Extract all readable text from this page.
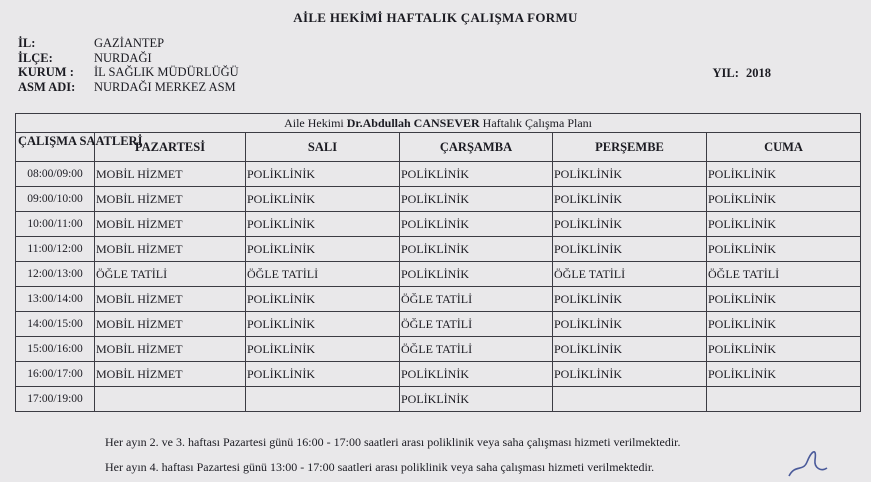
AİLE HEKİMİ HAFTALIK ÇALIŞMA FORMU
İL:	GAZİANTEP
İLÇE:	NURDAĞI
KURUM :	İL SAĞLIK MÜDÜRLÜĞÜ
ASM ADI:	NURDAĞI MERKEZ ASM
YIL: 2018
Aile Hekimi Dr.Abdullah CANSEVER Haftalık Çalışma Planı					
ÇALIŞMA SAATLERİ	PAZARTESİ	SALI	ÇARŞAMBA	PERŞEMBE	CUMA
08:00/09:00	MOBİL HİZMET	POLİKLİNİK	POLİKLİNİK	POLİKLİNİK	POLİKLİNİK
09:00/10:00	MOBİL HİZMET	POLİKLİNİK	POLİKLİNİK	POLİKLİNİK	POLİKLİNİK
10:00/11:00	MOBİL HİZMET	POLİKLİNİK	POLİKLİNİK	POLİKLİNİK	POLİKLİNİK
11:00/12:00	MOBİL HİZMET	POLİKLİNİK	POLİKLİNİK	POLİKLİNİK	POLİKLİNİK
12:00/13:00	ÖĞLE TATİLİ	ÖĞLE TATİLİ	POLİKLİNİK	ÖĞLE TATİLİ	ÖĞLE TATİLİ
13:00/14:00	MOBİL HİZMET	POLİKLİNİK	ÖĞLE TATİLİ	POLİKLİNİK	POLİKLİNİK
14:00/15:00	MOBİL HİZMET	POLİKLİNİK	ÖĞLE TATİLİ	POLİKLİNİK	POLİKLİNİK
15:00/16:00	MOBİL HİZMET	POLİKLİNİK	ÖĞLE TATİLİ	POLİKLİNİK	POLİKLİNİK
16:00/17:00	MOBİL HİZMET	POLİKLİNİK	POLİKLİNİK	POLİKLİNİK	POLİKLİNİK
17:00/19:00			POLİKLİNİK		
Her ayın 2. ve 3. haftası Pazartesi günü 16:00 - 17:00 saatleri arası poliklinik veya saha çalışması hizmeti verilmektedir.
Her ayın 4. haftası Pazartesi günü 13:00 - 17:00 saatleri arası poliklinik veya saha çalışması hizmeti verilmektedir.
